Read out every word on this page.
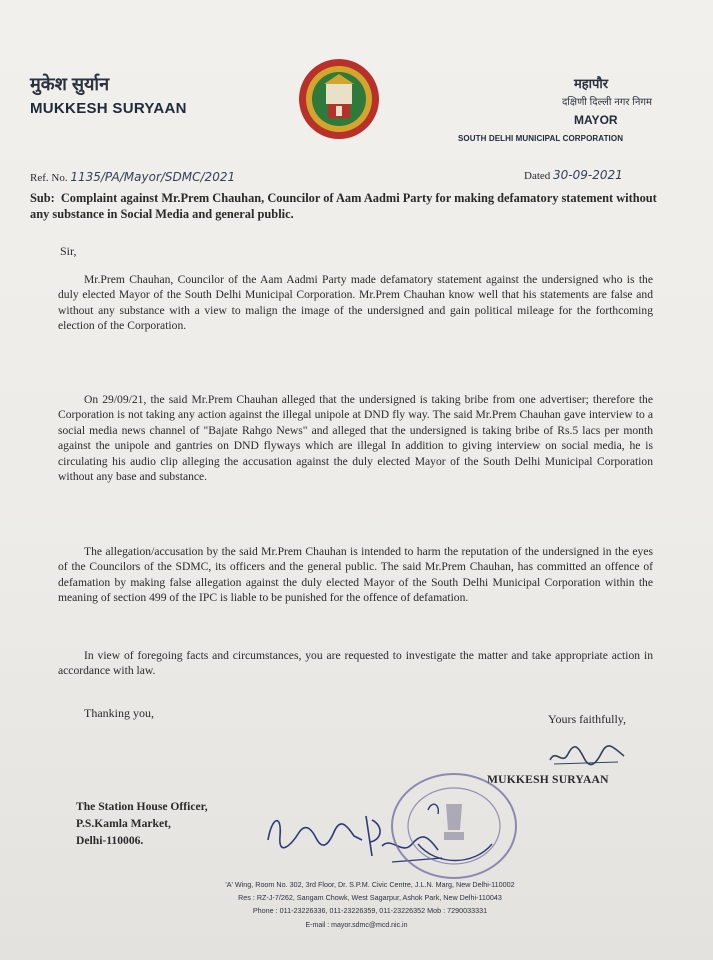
मुकेश सुर्यान
MUKKESH SURYAAN
महापौर
दक्षिणी दिल्ली नगर निगम
MAYOR
SOUTH DELHI MUNICIPAL CORPORATION
Ref. No. 1135/PA/Mayor/SDMC/2021	Dated 30-09-2021
Sub: Complaint against Mr.Prem Chauhan, Councilor of Aam Aadmi Party for making defamatory statement without any substance in Social Media and general public.
Sir,
Mr.Prem Chauhan, Councilor of the Aam Aadmi Party made defamatory statement against the undersigned who is the duly elected Mayor of the South Delhi Municipal Corporation. Mr.Prem Chauhan know well that his statements are false and without any substance with a view to malign the image of the undersigned and gain political mileage for the forthcoming election of the Corporation.
On 29/09/21, the said Mr.Prem Chauhan alleged that the undersigned is taking bribe from one advertiser; therefore the Corporation is not taking any action against the illegal unipole at DND fly way. The said Mr.Prem Chauhan gave interview to a social media news channel of "Bajate Rahgo News" and alleged that the undersigned is taking bribe of Rs.5 lacs per month against the unipole and gantries on DND flyways which are illegal In addition to giving interview on social media, he is circulating his audio clip alleging the accusation against the duly elected Mayor of the South Delhi Municipal Corporation without any base and substance.
The allegation/accusation by the said Mr.Prem Chauhan is intended to harm the reputation of the undersigned in the eyes of the Councilors of the SDMC, its officers and the general public. The said Mr.Prem Chauhan, has committed an offence of defamation by making false allegation against the duly elected Mayor of the South Delhi Municipal Corporation within the meaning of section 499 of the IPC is liable to be punished for the offence of defamation.
In view of foregoing facts and circumstances, you are requested to investigate the matter and take appropriate action in accordance with law.
Thanking you,	Yours faithfully,
MUKKESH SURYAAN
The Station House Officer,
P.S.Kamla Market,
Delhi-110006.
'A' Wing, Room No. 302, 3rd Floor, Dr. S.P.M. Civic Centre, J.L.N. Marg, New Delhi-110002
Res : RZ-J-7/262, Sangam Chowk, West Sagarpur, Ashok Park, New Delhi-110043
Phone : 011-23226336, 011-23226359, 011-23226352 Mob : 7290033331
E-mail : mayor.sdmc@mcd.nic.in
